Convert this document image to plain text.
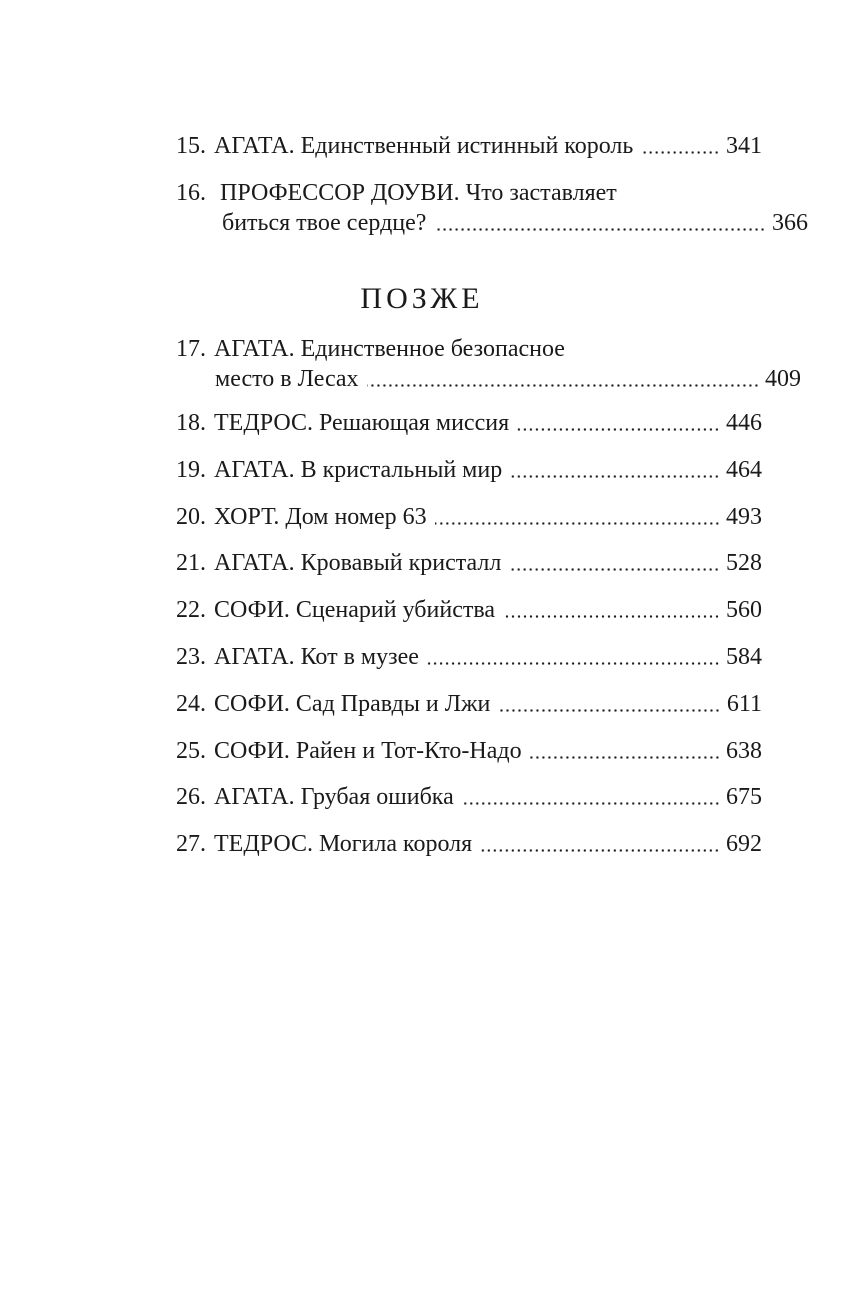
15. АГАТА. Единственный истинный король	341
16. ПРОФЕССОР ДОУВИ. Что заставляет
биться твое сердце?	366
ПОЗЖЕ
17. АГАТА. Единственное безопасное
место в Лесах	409
18. ТЕДРОС. Решающая миссия	446
19. АГАТА. В кристальный мир	464
20. ХОРТ. Дом номер 63	493
21. АГАТА. Кровавый кристалл	528
22. СОФИ. Сценарий убийства	560
23. АГАТА. Кот в музее	584
24. СОФИ. Сад Правды и Лжи	611
25. СОФИ. Райен и Тот-Кто-Надо	638
26. АГАТА. Грубая ошибка	675
27. ТЕДРОС. Могила короля	692
